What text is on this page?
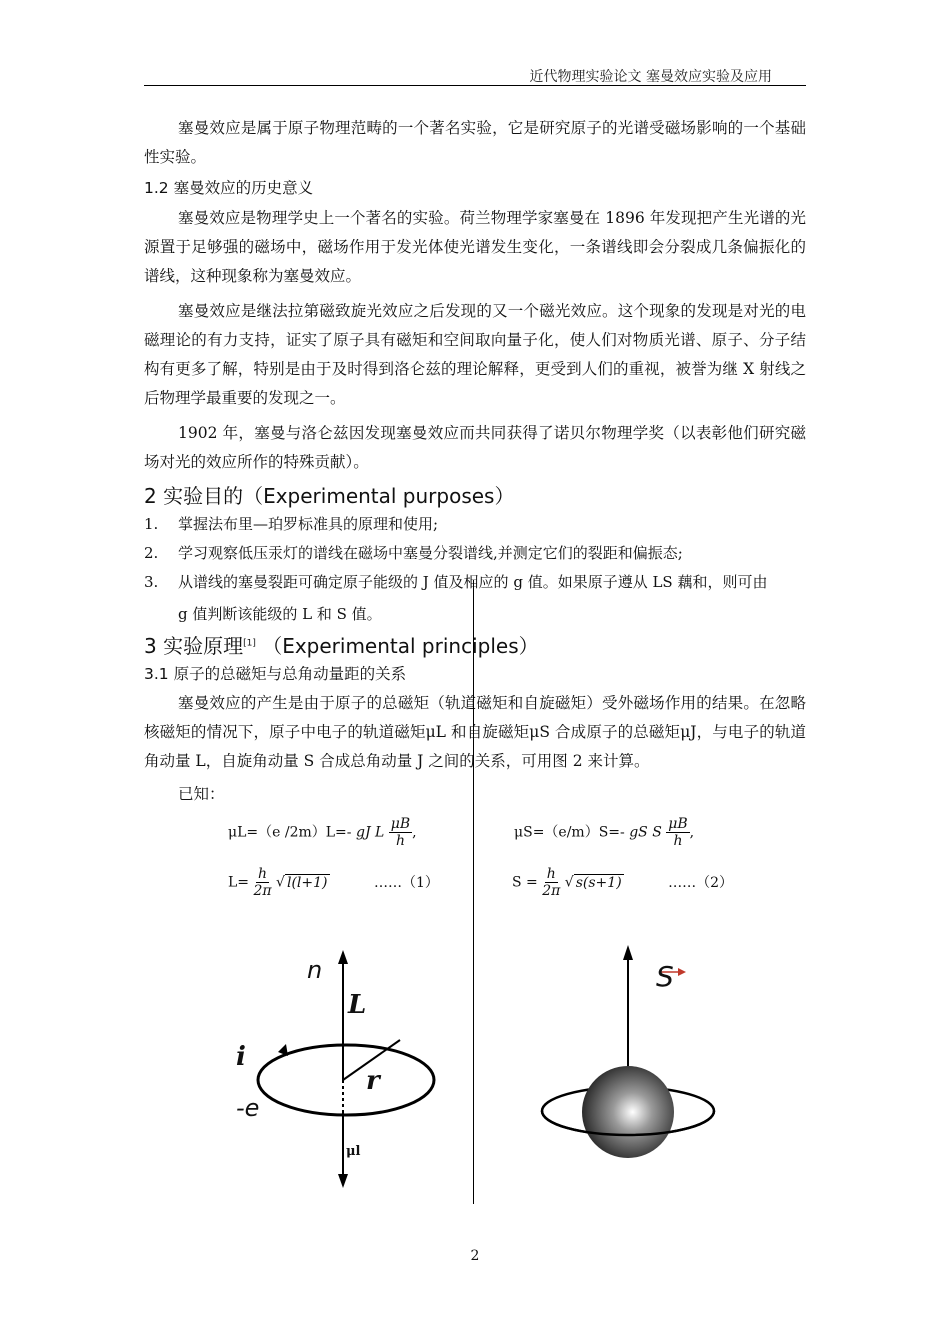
近代物理实验论文 塞曼效应实验及应用
塞曼效应是属于原子物理范畴的一个著名实验，它是研究原子的光谱受磁场影响的一个基础性实验。
1.2 塞曼效应的历史意义
塞曼效应是物理学史上一个著名的实验。荷兰物理学家塞曼在 1896 年发现把产生光谱的光源置于足够强的磁场中，磁场作用于发光体使光谱发生变化，一条谱线即会分裂成几条偏振化的谱线，这种现象称为塞曼效应。
塞曼效应是继法拉第磁致旋光效应之后发现的又一个磁光效应。这个现象的发现是对光的电磁理论的有力支持，证实了原子具有磁矩和空间取向量子化，使人们对物质光谱、原子、分子结构有更多了解，特别是由于及时得到洛仑兹的理论解释，更受到人们的重视，被誉为继 X 射线之后物理学最重要的发现之一。
1902 年，塞曼与洛仑兹因发现塞曼效应而共同获得了诺贝尔物理学奖（以表彰他们研究磁场对光的效应所作的特殊贡献）。
2 实验目的（Experimental purposes）
1. 掌握法布里—珀罗标准具的原理和使用;
2. 学习观察低压汞灯的谱线在磁场中塞曼分裂谱线,并测定它们的裂距和偏振态;
3. 从谱线的塞曼裂距可确定原子能级的 J 值及相应的 g 值。如果原子遵从 LS 藕和，则可由
g 值判断该能级的 L 和 S 值。
3 实验原理[1] （Experimental principles）
3.1 原子的总磁矩与总角动量距的关系
塞曼效应的产生是由于原子的总磁矩（轨道磁矩和自旋磁矩）受外磁场作用的结果。在忽略核磁矩的情况下，原子中电子的轨道磁矩μL 和自旋磁矩μS 合成原子的总磁矩μJ，与电子的轨道角动量 L，自旋角动量 S 合成总角动量 J 之间的关系，可用图 2 来计算。
已知：
μL=（e /2m）L=- gJ L $\frac{\mu B}{h}$ ,	μS=（e/m）S=- gS S $\frac{\mu B}{h}$ ,
$L= \frac{h}{2\pi}$ √ l(l+1)	……（1）	$S = \frac{h}{2\pi}$ √ s(s+1)	……（2）
n
L
i
r
-e
μl
S
2
